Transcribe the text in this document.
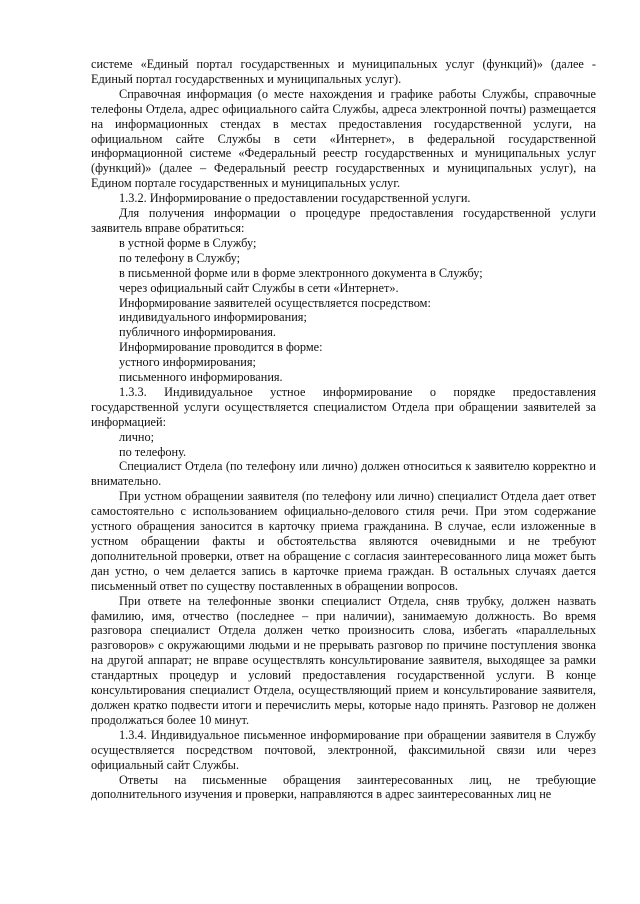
системе «Единый портал государственных и муниципальных услуг (функций)» (далее - Единый портал государственных и муниципальных услуг).

Справочная информация (о месте нахождения и графике работы Службы, справочные телефоны Отдела, адрес официального сайта Службы, адреса электронной почты) размещается на информационных стендах в местах предоставления государственной услуги, на официальном сайте Службы в сети «Интернет», в федеральной государственной информационной системе «Федеральный реестр государственных и муниципальных услуг (функций)» (далее – Федеральный реестр государственных и муниципальных услуг), на Едином портале государственных и муниципальных услуг.

1.3.2. Информирование о предоставлении государственной услуги.

Для получения информации о процедуре предоставления государственной услуги заявитель вправе обратиться:

в устной форме в Службу;

по телефону в Службу;

в письменной форме или в форме электронного документа в Службу;

через официальный сайт Службы в сети «Интернет».

Информирование заявителей осуществляется посредством:

индивидуального информирования;

публичного информирования.

Информирование проводится в форме:

устного информирования;

письменного информирования.

1.3.3. Индивидуальное устное информирование о порядке предоставления государственной услуги осуществляется специалистом Отдела при обращении заявителей за информацией:

лично;

по телефону.

Специалист Отдела (по телефону или лично) должен относиться к заявителю корректно и внимательно.

При устном обращении заявителя (по телефону или лично) специалист Отдела дает ответ самостоятельно с использованием официально-делового стиля речи. При этом содержание устного обращения заносится в карточку приема гражданина. В случае, если изложенные в устном обращении факты и обстоятельства являются очевидными и не требуют дополнительной проверки, ответ на обращение с согласия заинтересованного лица может быть дан устно, о чем делается запись в карточке приема граждан. В остальных случаях дается письменный ответ по существу поставленных в обращении вопросов.

При ответе на телефонные звонки специалист Отдела, сняв трубку, должен назвать фамилию, имя, отчество (последнее – при наличии), занимаемую должность. Во время разговора специалист Отдела должен четко произносить слова, избегать «параллельных разговоров» с окружающими людьми и не прерывать разговор по причине поступления звонка на другой аппарат; не вправе осуществлять консультирование заявителя, выходящее за рамки стандартных процедур и условий предоставления государственной услуги. В конце консультирования специалист Отдела, осуществляющий прием и консультирование заявителя, должен кратко подвести итоги и перечислить меры, которые надо принять. Разговор не должен продолжаться более 10 минут.

1.3.4. Индивидуальное письменное информирование при обращении заявителя в Службу осуществляется посредством почтовой, электронной, факсимильной связи или через официальный сайт Службы.

Ответы на письменные обращения заинтересованных лиц, не требующие дополнительного изучения и проверки, направляются в адрес заинтересованных лиц не
